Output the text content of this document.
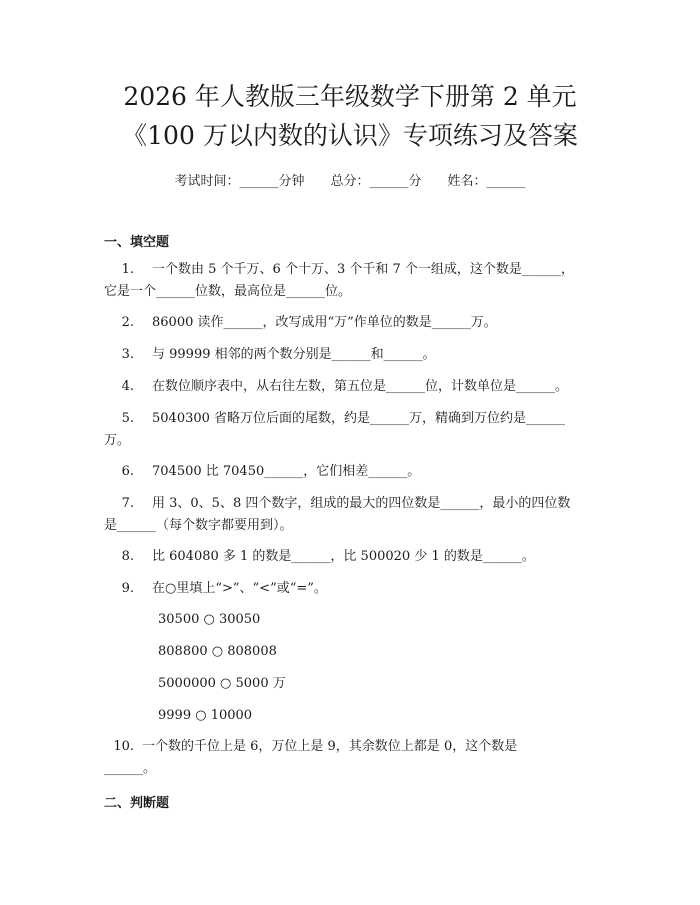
2026 年人教版三年级数学下册第 2 单元
《100 万以内数的认识》专项练习及答案
考试时间：______分钟 总分：______分 姓名：______
一、填空题
1. 一个数由 5 个千万、6 个十万、3 个千和 7 个一组成，这个数是______，
它是一个______位数，最高位是______位。
2. 86000 读作______，改写成用“万”作单位的数是______万。
3. 与 99999 相邻的两个数分别是______和______。
4. 在数位顺序表中，从右往左数，第五位是______位，计数单位是______。
5. 5040300 省略万位后面的尾数，约是______万，精确到万位约是______
万。
6. 704500 比 70450______，它们相差______。
7. 用 3、0、5、8 四个数字，组成的最大的四位数是______，最小的四位数
是______（每个数字都要用到）。
8. 比 604080 多 1 的数是______，比 500020 少 1 的数是______。
9. 在○里填上“>”、“<”或“=”。
30500 ○ 30050
808800 ○ 808008
5000000 ○ 5000 万
9999 ○ 10000
10. 一个数的千位上是 6，万位上是 9，其余数位上都是 0，这个数是
______。
二、判断题
